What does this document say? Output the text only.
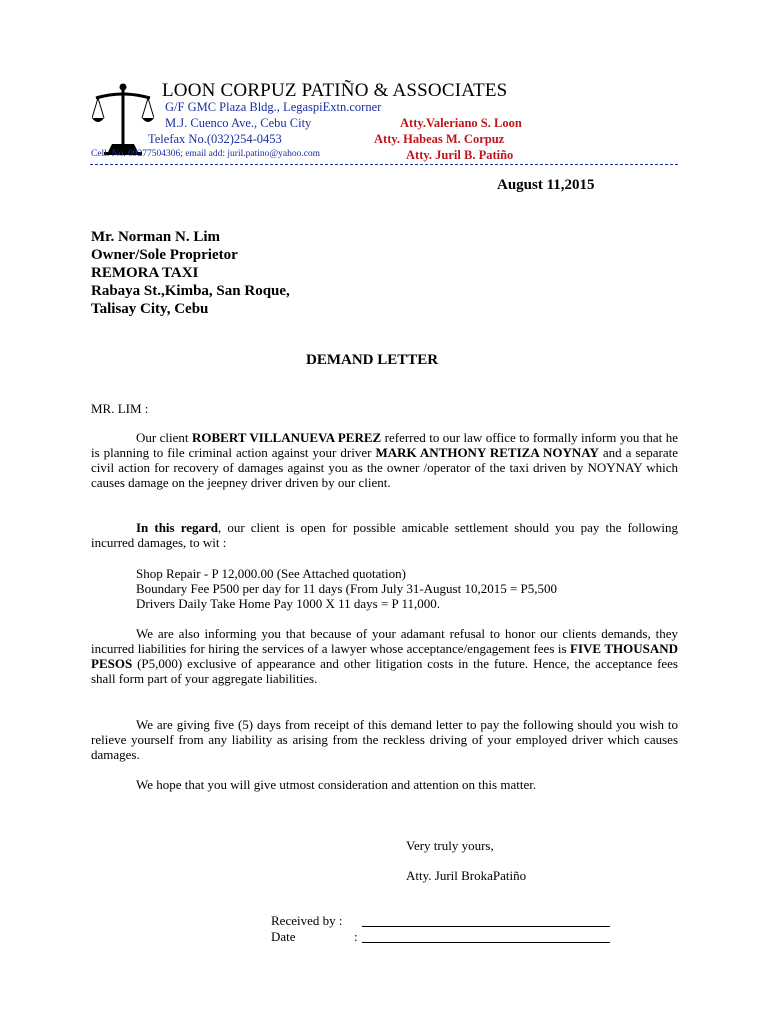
LOON CORPUZ PATIÑO & ASSOCIATES
G/F GMC Plaza Bldg., LegaspiExtn.corner
M.J. Cuenco Ave., Cebu City
Telefax No.(032)254-0453
Cell. No. 09277504306; email add: juril.patino@yahoo.com
Atty.Valeriano S. Loon
Atty. Habeas M. Corpuz
Atty. Juril B. Patiño
August 11,2015
Mr. Norman N. Lim
Owner/Sole Proprietor
REMORA TAXI
Rabaya St.,Kimba, San Roque,
Talisay City, Cebu
DEMAND LETTER
MR. LIM :
Our client ROBERT VILLANUEVA PEREZ referred to our law office to formally inform you that he is planning to file criminal action against your driver MARK ANTHONY RETIZA NOYNAY and a separate civil action for recovery of damages against you as the owner /operator of the taxi driven by NOYNAY which causes damage on the jeepney driver driven by our client.
In this regard, our client is open for possible amicable settlement should you pay the following incurred damages, to wit :
Shop Repair - P 12,000.00 (See Attached quotation)
Boundary Fee P500 per day for 11 days (From July 31-August 10,2015 = P5,500
Drivers Daily Take Home Pay 1000 X 11 days = P 11,000.
We are also informing you that because of your adamant refusal to honor our clients demands, they incurred liabilities for hiring the services of a lawyer whose acceptance/engagement fees is FIVE THOUSAND PESOS (P5,000) exclusive of appearance and other litigation costs in the future. Hence, the acceptance fees shall form part of your aggregate liabilities.
We are giving five (5) days from receipt of this demand letter to pay the following should you wish to relieve yourself from any liability as arising from the reckless driving of your employed driver which causes damages.
We hope that you will give utmost consideration and attention on this matter.
Very truly yours,
Atty. Juril BrokaPatiño
Received by :
Date	:
